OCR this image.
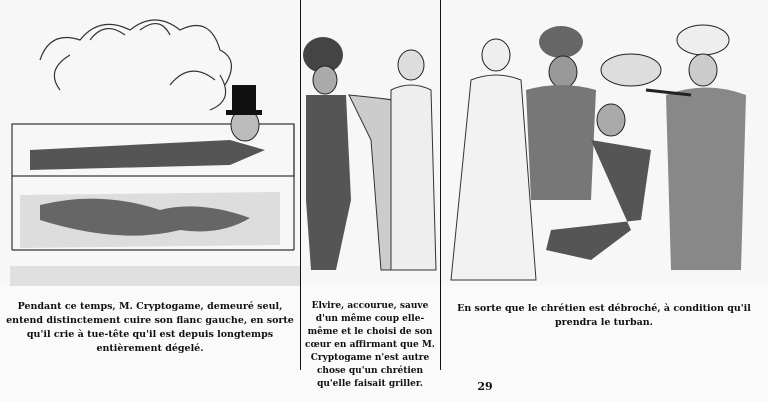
Pendant ce temps, M. Cryptogame, demeuré seul, entend distinctement cuire son flanc gauche, en sorte qu'il crie à tue-tête qu'il est depuis longtemps entièrement dégelé.
Elvire, accourue, sauve d'un même coup elle-même et le choisi de son cœur en affirmant que M. Cryptogame n'est autre chose qu'un chrétien qu'elle faisait griller.
En sorte que le chrétien est débroché, à condition qu'il prendra le turban.
29
